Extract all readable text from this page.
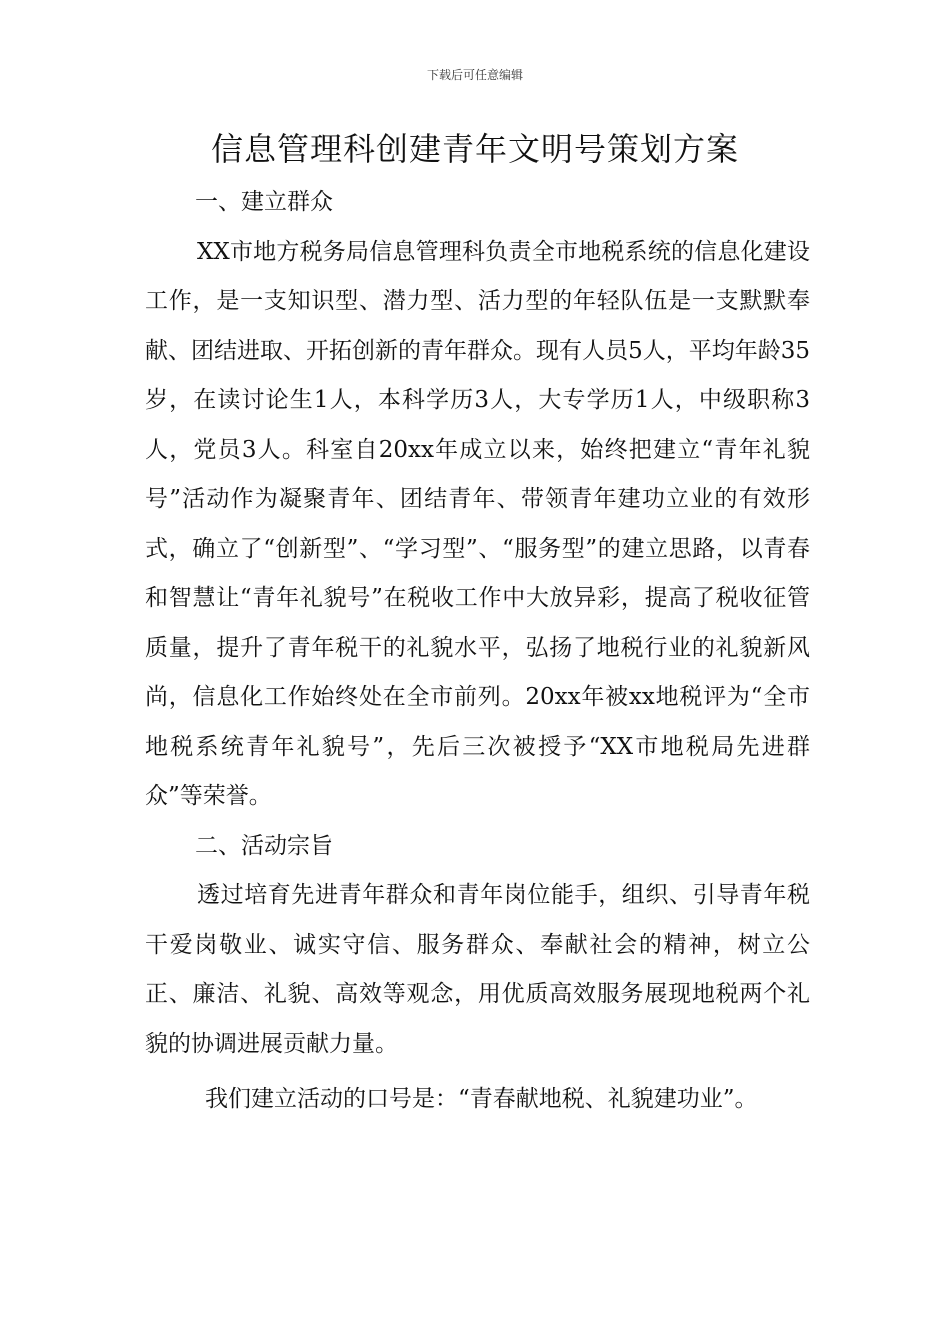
下载后可任意编辑
信息管理科创建青年文明号策划方案
一、建立群众

XX市地方税务局信息管理科负责全市地税系统的信息化建设工作，是一支知识型、潜力型、活力型的年轻队伍是一支默默奉献、团结进取、开拓创新的青年群众。现有人员5人，平均年龄35岁，在读讨论生1人，本科学历3人，大专学历1人，中级职称3人，党员3人。科室自20xx年成立以来，始终把建立“青年礼貌号”活动作为凝聚青年、团结青年、带领青年建功立业的有效形式，确立了“创新型”、“学习型”、“服务型”的建立思路，以青春和智慧让“青年礼貌号”在税收工作中大放异彩，提高了税收征管质量，提升了青年税干的礼貌水平，弘扬了地税行业的礼貌新风尚，信息化工作始终处在全市前列。20xx年被xx地税评为“全市地税系统青年礼貌号”，先后三次被授予“XX市地税局先进群众”等荣誉。

二、活动宗旨

透过培育先进青年群众和青年岗位能手，组织、引导青年税干爱岗敬业、诚实守信、服务群众、奉献社会的精神，树立公正、廉洁、礼貌、高效等观念，用优质高效服务展现地税两个礼貌的协调进展贡献力量。

我们建立活动的口号是：“青春献地税、礼貌建功业”。
